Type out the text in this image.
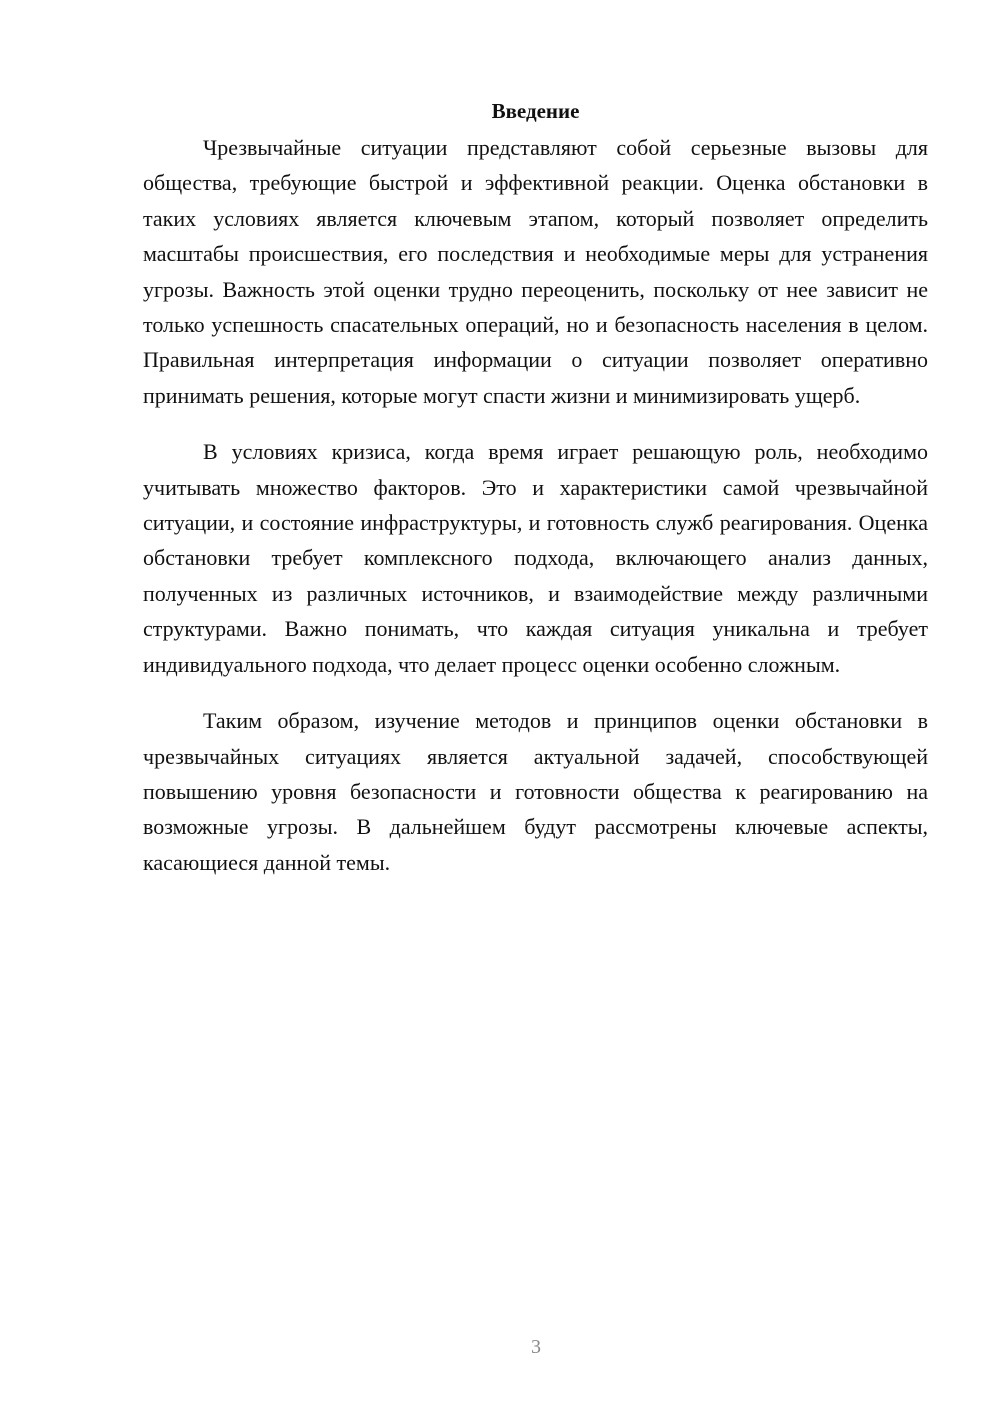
Введение

Чрезвычайные ситуации представляют собой серьезные вызовы для общества, требующие быстрой и эффективной реакции. Оценка обстановки в таких условиях является ключевым этапом, который позволяет определить масштабы происшествия, его последствия и необходимые меры для устранения угрозы. Важность этой оценки трудно переоценить, поскольку от нее зависит не только успешность спасательных операций, но и безопасность населения в целом. Правильная интерпретация информации о ситуации позволяет оперативно принимать решения, которые могут спасти жизни и минимизировать ущерб.

В условиях кризиса, когда время играет решающую роль, необходимо учитывать множество факторов. Это и характеристики самой чрезвычайной ситуации, и состояние инфраструктуры, и готовность служб реагирования. Оценка обстановки требует комплексного подхода, включающего анализ данных, полученных из различных источников, и взаимодействие между различными структурами. Важно понимать, что каждая ситуация уникальна и требует индивидуального подхода, что делает процесс оценки особенно сложным.

Таким образом, изучение методов и принципов оценки обстановки в чрезвычайных ситуациях является актуальной задачей, способствующей повышению уровня безопасности и готовности общества к реагированию на возможные угрозы. В дальнейшем будут рассмотрены ключевые аспекты, касающиеся данной темы.

3
